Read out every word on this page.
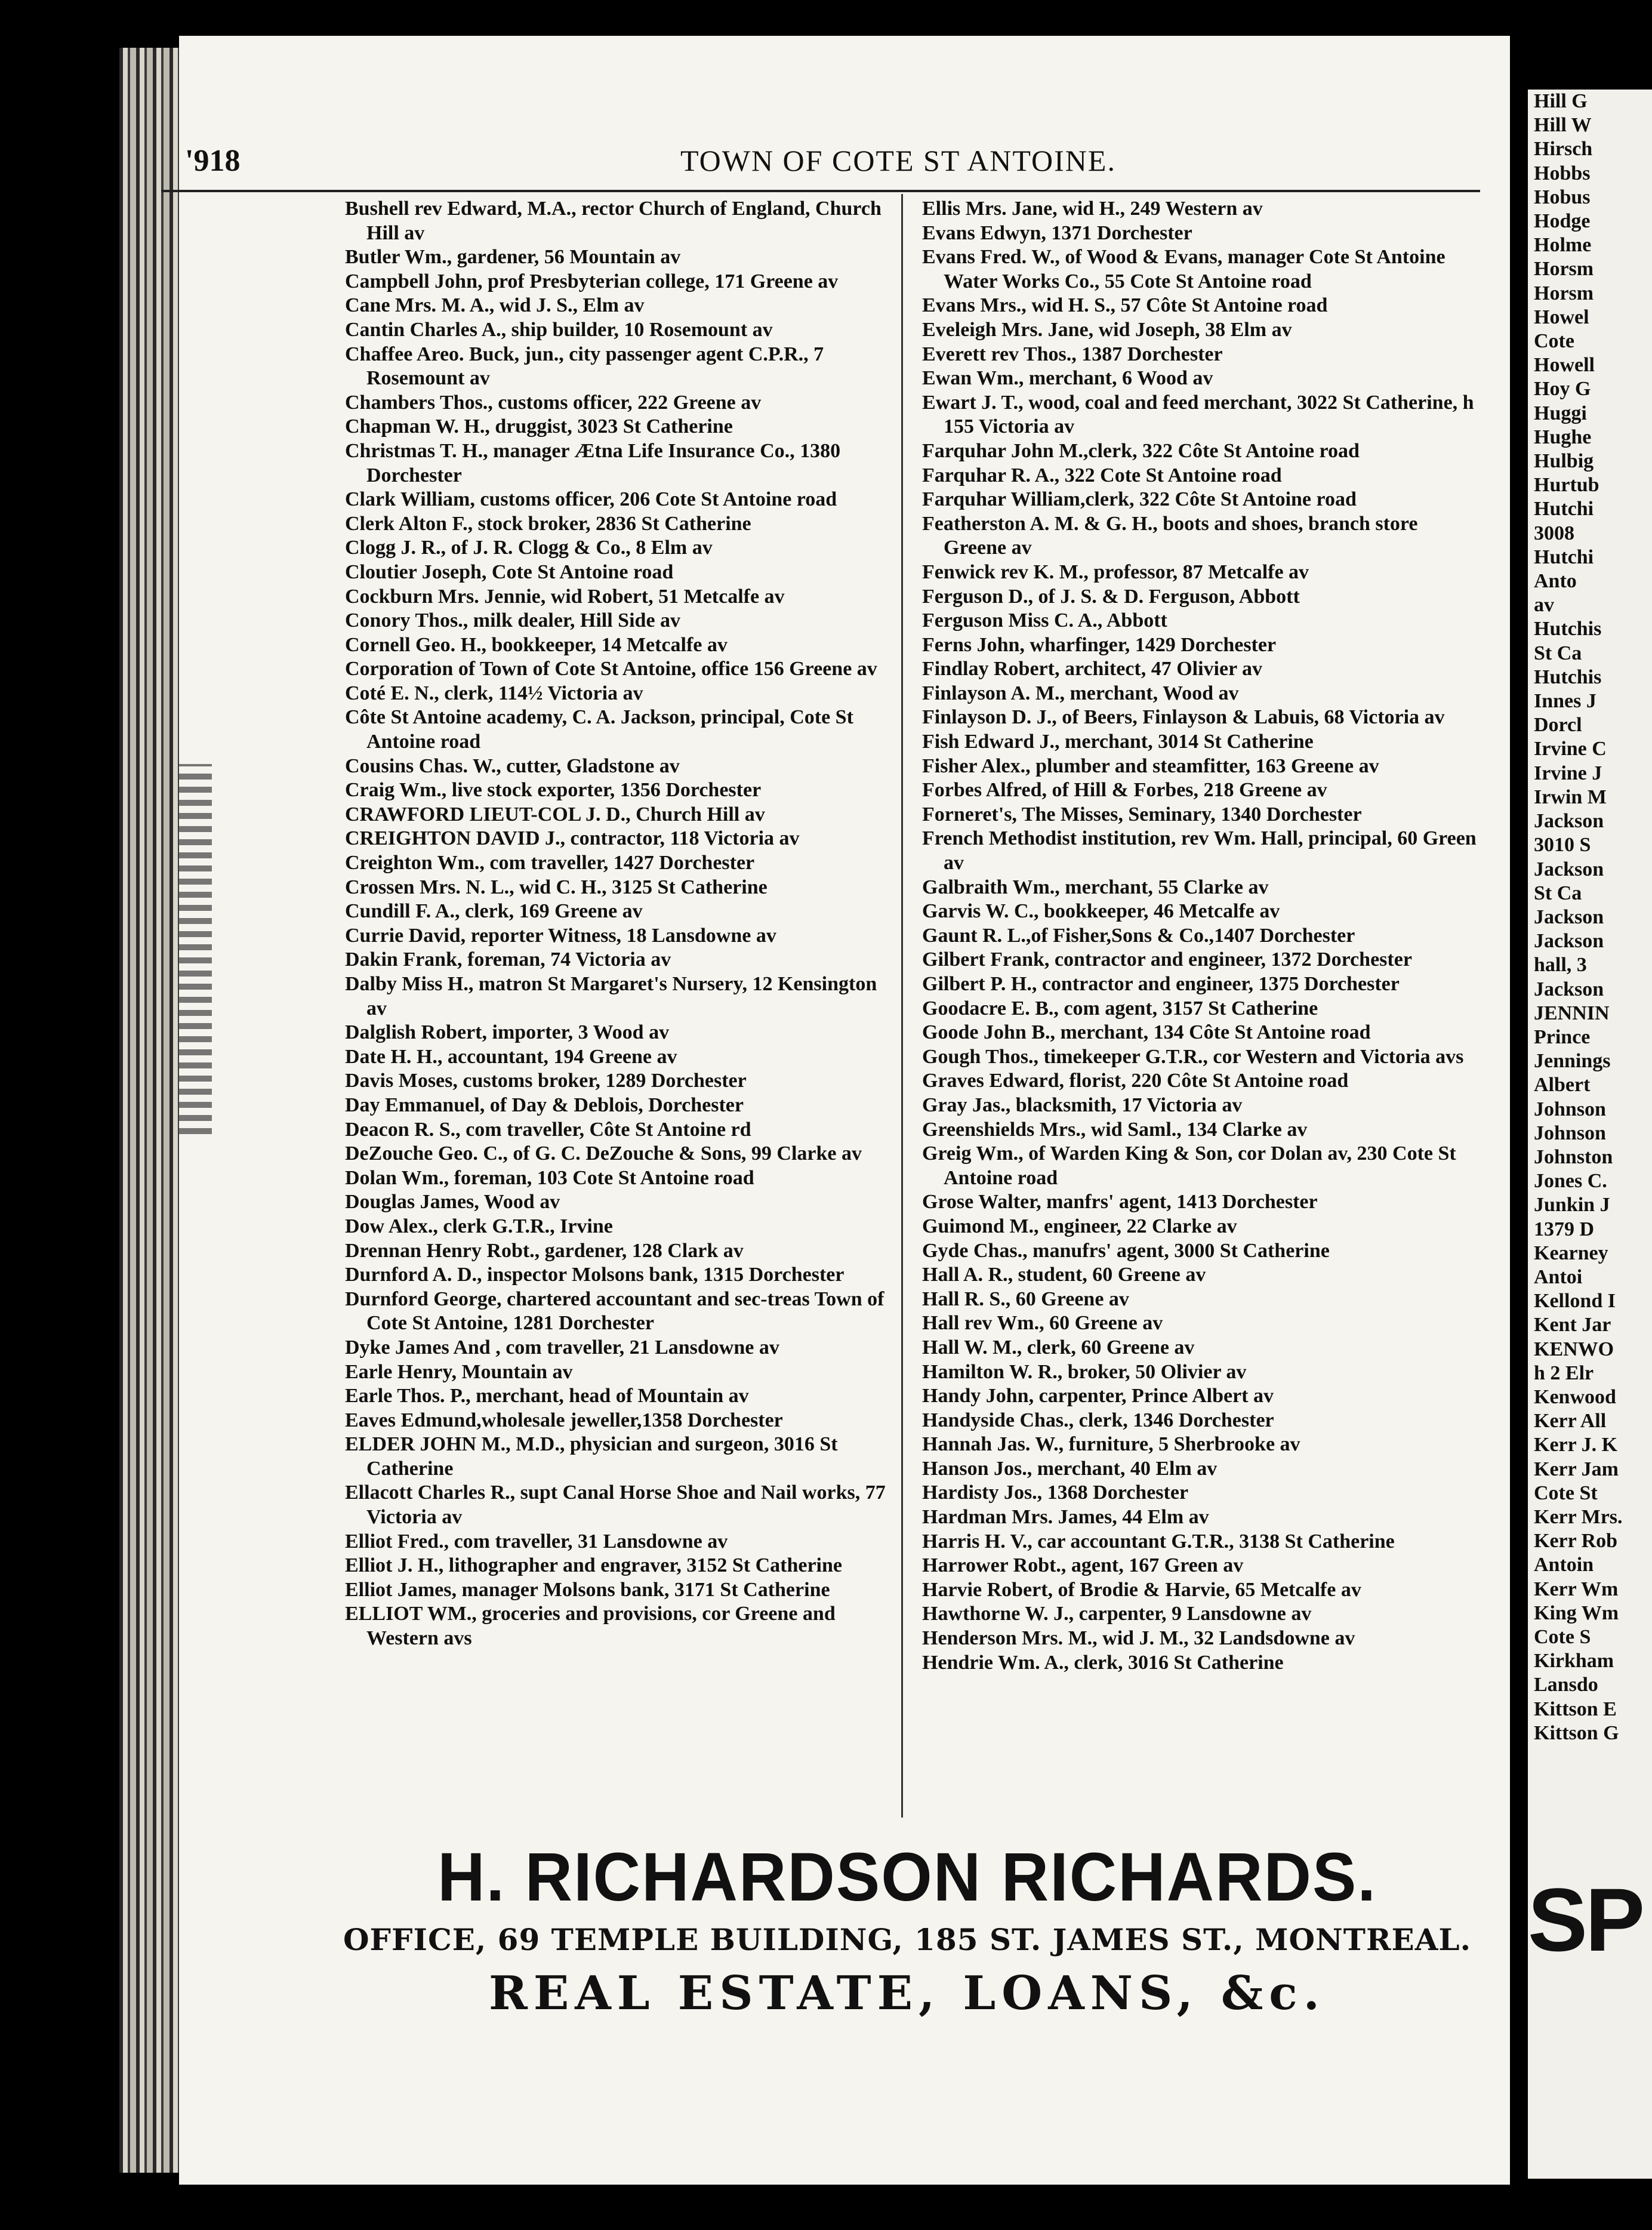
'918	TOWN OF COTE ST ANTOINE.

Bushell rev Edward, M.A., rector Church of England, Church Hill av

Butler Wm., gardener, 56 Mountain av

Campbell John, prof Presbyterian college, 171 Greene av

Cane Mrs. M. A., wid J. S., Elm av

Cantin Charles A., ship builder, 10 Rosemount av

Chaffee Areo. Buck, jun., city passenger agent C.P.R., 7 Rosemount av

Chambers Thos., customs officer, 222 Greene av

Chapman W. H., druggist, 3023 St Catherine

Christmas T. H., manager Ætna Life Insurance Co., 1380 Dorchester

Clark William, customs officer, 206 Cote St Antoine road

Clerk Alton F., stock broker, 2836 St Catherine

Clogg J. R., of J. R. Clogg & Co., 8 Elm av

Cloutier Joseph, Cote St Antoine road

Cockburn Mrs. Jennie, wid Robert, 51 Metcalfe av

Conory Thos., milk dealer, Hill Side av

Cornell Geo. H., bookkeeper, 14 Metcalfe av

Corporation of Town of Cote St Antoine, office 156 Greene av

Coté E. N., clerk, 114½ Victoria av

Côte St Antoine academy, C. A. Jackson, principal, Cote St Antoine road

Cousins Chas. W., cutter, Gladstone av

Craig Wm., live stock exporter, 1356 Dorchester

CRAWFORD LIEUT-COL J. D., Church Hill av

CREIGHTON DAVID J., contractor, 118 Victoria av

Creighton Wm., com traveller, 1427 Dorchester

Crossen Mrs. N. L., wid C. H., 3125 St Catherine

Cundill F. A., clerk, 169 Greene av

Currie David, reporter Witness, 18 Lansdowne av

Dakin Frank, foreman, 74 Victoria av

Dalby Miss H., matron St Margaret's Nursery, 12 Kensington av

Dalglish Robert, importer, 3 Wood av

Date H. H., accountant, 194 Greene av

Davis Moses, customs broker, 1289 Dorchester

Day Emmanuel, of Day & Deblois, Dorchester

Deacon R. S., com traveller, Côte St Antoine rd

DeZouche Geo. C., of G. C. DeZouche & Sons, 99 Clarke av

Dolan Wm., foreman, 103 Cote St Antoine road

Douglas James, Wood av

Dow Alex., clerk G.T.R., Irvine

Drennan Henry Robt., gardener, 128 Clark av

Durnford A. D., inspector Molsons bank, 1315 Dorchester

Durnford George, chartered accountant and sec-treas Town of Cote St Antoine, 1281 Dorchester

Dyke James And , com traveller, 21 Lansdowne av

Earle Henry, Mountain av

Earle Thos. P., merchant, head of Mountain av

Eaves Edmund,wholesale jeweller,1358 Dorchester

ELDER JOHN M., M.D., physician and surgeon, 3016 St Catherine

Ellacott Charles R., supt Canal Horse Shoe and Nail works, 77 Victoria av

Elliot Fred., com traveller, 31 Lansdowne av

Elliot J. H., lithographer and engraver, 3152 St Catherine

Elliot James, manager Molsons bank, 3171 St Catherine

ELLIOT WM., groceries and provisions, cor Greene and Western avs

Ellis Mrs. Jane, wid H., 249 Western av

Evans Edwyn, 1371 Dorchester

Evans Fred. W., of Wood & Evans, manager Cote St Antoine Water Works Co., 55 Cote St Antoine road

Evans Mrs., wid H. S., 57 Côte St Antoine road

Eveleigh Mrs. Jane, wid Joseph, 38 Elm av

Everett rev Thos., 1387 Dorchester

Ewan Wm., merchant, 6 Wood av

Ewart J. T., wood, coal and feed merchant, 3022 St Catherine, h 155 Victoria av

Farquhar John M.,clerk, 322 Côte St Antoine road

Farquhar R. A., 322 Cote St Antoine road

Farquhar William,clerk, 322 Côte St Antoine road

Featherston A. M. & G. H., boots and shoes, branch store Greene av

Fenwick rev K. M., professor, 87 Metcalfe av

Ferguson D., of J. S. & D. Ferguson, Abbott

Ferguson Miss C. A., Abbott

Ferns John, wharfinger, 1429 Dorchester

Findlay Robert, architect, 47 Olivier av

Finlayson A. M., merchant, Wood av

Finlayson D. J., of Beers, Finlayson & Labuis, 68 Victoria av

Fish Edward J., merchant, 3014 St Catherine

Fisher Alex., plumber and steamfitter, 163 Greene av

Forbes Alfred, of Hill & Forbes, 218 Greene av

Forneret's, The Misses, Seminary, 1340 Dorchester

French Methodist institution, rev Wm. Hall, principal, 60 Green av

Galbraith Wm., merchant, 55 Clarke av

Garvis W. C., bookkeeper, 46 Metcalfe av

Gaunt R. L.,of Fisher,Sons & Co.,1407 Dorchester

Gilbert Frank, contractor and engineer, 1372 Dorchester

Gilbert P. H., contractor and engineer, 1375 Dorchester

Goodacre E. B., com agent, 3157 St Catherine

Goode John B., merchant, 134 Côte St Antoine road

Gough Thos., timekeeper G.T.R., cor Western and Victoria avs

Graves Edward, florist, 220 Côte St Antoine road

Gray Jas., blacksmith, 17 Victoria av

Greenshields Mrs., wid Saml., 134 Clarke av

Greig Wm., of Warden King & Son, cor Dolan av, 230 Cote St Antoine road

Grose Walter, manfrs' agent, 1413 Dorchester

Guimond M., engineer, 22 Clarke av

Gyde Chas., manufrs' agent, 3000 St Catherine

Hall A. R., student, 60 Greene av

Hall R. S., 60 Greene av

Hall rev Wm., 60 Greene av

Hall W. M., clerk, 60 Greene av

Hamilton W. R., broker, 50 Olivier av

Handy John, carpenter, Prince Albert av

Handyside Chas., clerk, 1346 Dorchester

Hannah Jas. W., furniture, 5 Sherbrooke av

Hanson Jos., merchant, 40 Elm av

Hardisty Jos., 1368 Dorchester

Hardman Mrs. James, 44 Elm av

Harris H. V., car accountant G.T.R., 3138 St Catherine

Harrower Robt., agent, 167 Green av

Harvie Robert, of Brodie & Harvie, 65 Metcalfe av

Hawthorne W. J., carpenter, 9 Lansdowne av

Henderson Mrs. M., wid J. M., 32 Landsdowne av

Hendrie Wm. A., clerk, 3016 St Catherine

Hill G
Hill W
Hirsch
Hobbs
Hobus
Hodge
Holme
Horsm
Horsm
Howel
Cote
Howell
Hoy G
Huggi
Hughe
Hulbig
Hurtub
Hutchi
3008
Hutchi
Anto
av
Hutchis
St Ca
Hutchis
Innes J
Dorcl
Irvine C
Irvine J
Irwin M
Jackson
3010 S
Jackson
St Ca
Jackson
Jackson
hall, 3
Jackson
JENNIN
Prince
Jennings
Albert
Johnson
Johnson
Johnston
Jones C.
Junkin J
1379 D
Kearney
Antoi
Kellond I
Kent Jar
KENWO
h 2 Elr
Kenwood
Kerr All
Kerr J. K
Kerr Jam
Cote St
Kerr Mrs.
Kerr Rob
Antoin
Kerr Wm
King Wm
Cote S
Kirkham
Lansdo
Kittson E
Kittson G
SP
H. RICHARDSON RICHARDS.
OFFICE, 69 TEMPLE BUILDING, 185 ST. JAMES ST., MONTREAL.
REAL ESTATE, LOANS, &c.
